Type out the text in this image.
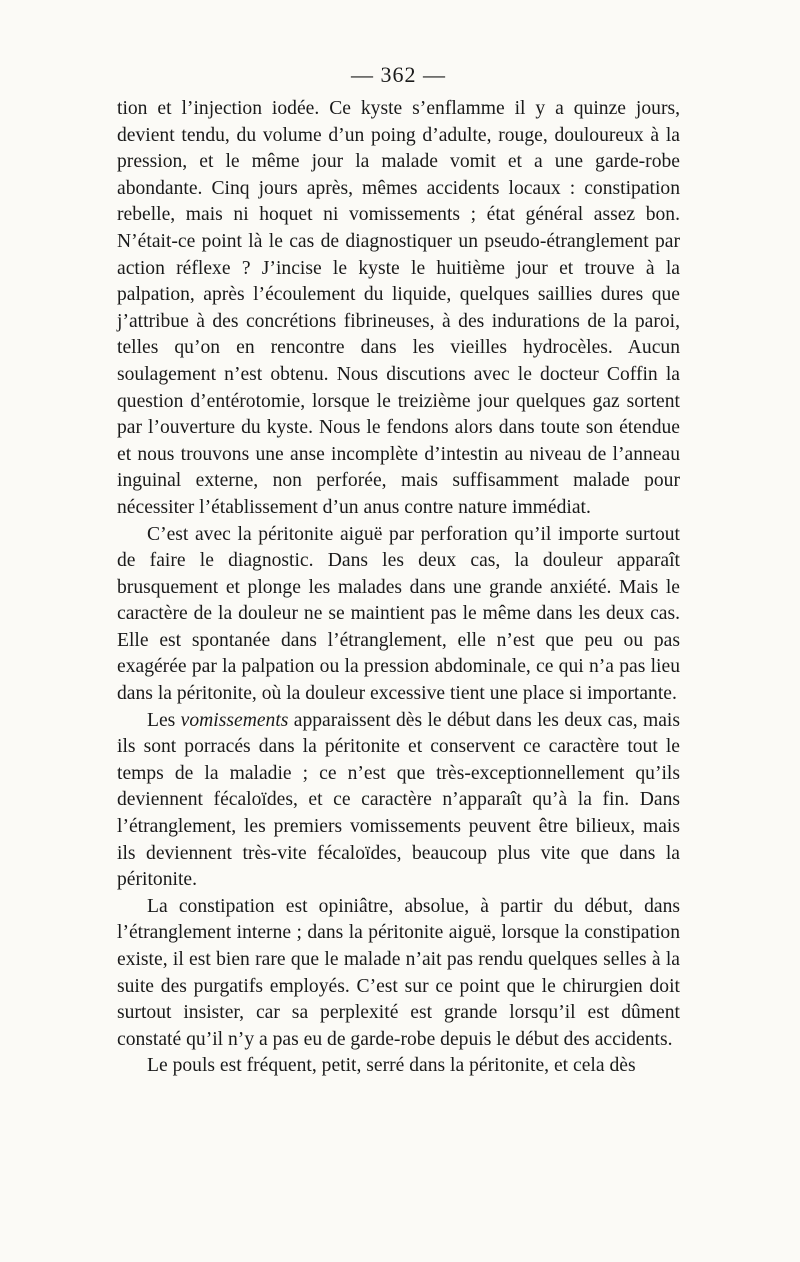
— 362 —

tion et l’injection iodée. Ce kyste s’enflamme il y a quinze jours, devient tendu, du volume d’un poing d’adulte, rouge, douloureux à la pression, et le même jour la malade vomit et a une garde-robe abondante. Cinq jours après, mêmes accidents locaux : constipation rebelle, mais ni hoquet ni vomissements ; état général assez bon. N’était-ce point là le cas de diagnostiquer un pseudo-étranglement par action réflexe ? J’incise le kyste le huitième jour et trouve à la palpation, après l’écoulement du liquide, quelques saillies dures que j’attribue à des concrétions fibrineuses, à des indurations de la paroi, telles qu’on en rencontre dans les vieilles hydrocèles. Aucun soulagement n’est obtenu. Nous discutions avec le docteur Coffin la question d’entérotomie, lorsque le treizième jour quelques gaz sortent par l’ouverture du kyste. Nous le fendons alors dans toute son étendue et nous trouvons une anse incomplète d’intestin au niveau de l’anneau inguinal externe, non perforée, mais suffisamment malade pour nécessiter l’établissement d’un anus contre nature immédiat.

C’est avec la péritonite aiguë par perforation qu’il importe surtout de faire le diagnostic. Dans les deux cas, la douleur apparaît brusquement et plonge les malades dans une grande anxiété. Mais le caractère de la douleur ne se maintient pas le même dans les deux cas. Elle est spontanée dans l’étranglement, elle n’est que peu ou pas exagérée par la palpation ou la pression abdominale, ce qui n’a pas lieu dans la péritonite, où la douleur excessive tient une place si importante.

Les vomissements apparaissent dès le début dans les deux cas, mais ils sont porracés dans la péritonite et conservent ce caractère tout le temps de la maladie ; ce n’est que très-exceptionnellement qu’ils deviennent fécaloïdes, et ce caractère n’apparaît qu’à la fin. Dans l’étranglement, les premiers vomissements peuvent être bilieux, mais ils deviennent très-vite fécaloïdes, beaucoup plus vite que dans la péritonite.

La constipation est opiniâtre, absolue, à partir du début, dans l’étranglement interne ; dans la péritonite aiguë, lorsque la constipation existe, il est bien rare que le malade n’ait pas rendu quelques selles à la suite des purgatifs employés. C’est sur ce point que le chirurgien doit surtout insister, car sa perplexité est grande lorsqu’il est dûment constaté qu’il n’y a pas eu de garde-robe depuis le début des accidents.

Le pouls est fréquent, petit, serré dans la péritonite, et cela dès
